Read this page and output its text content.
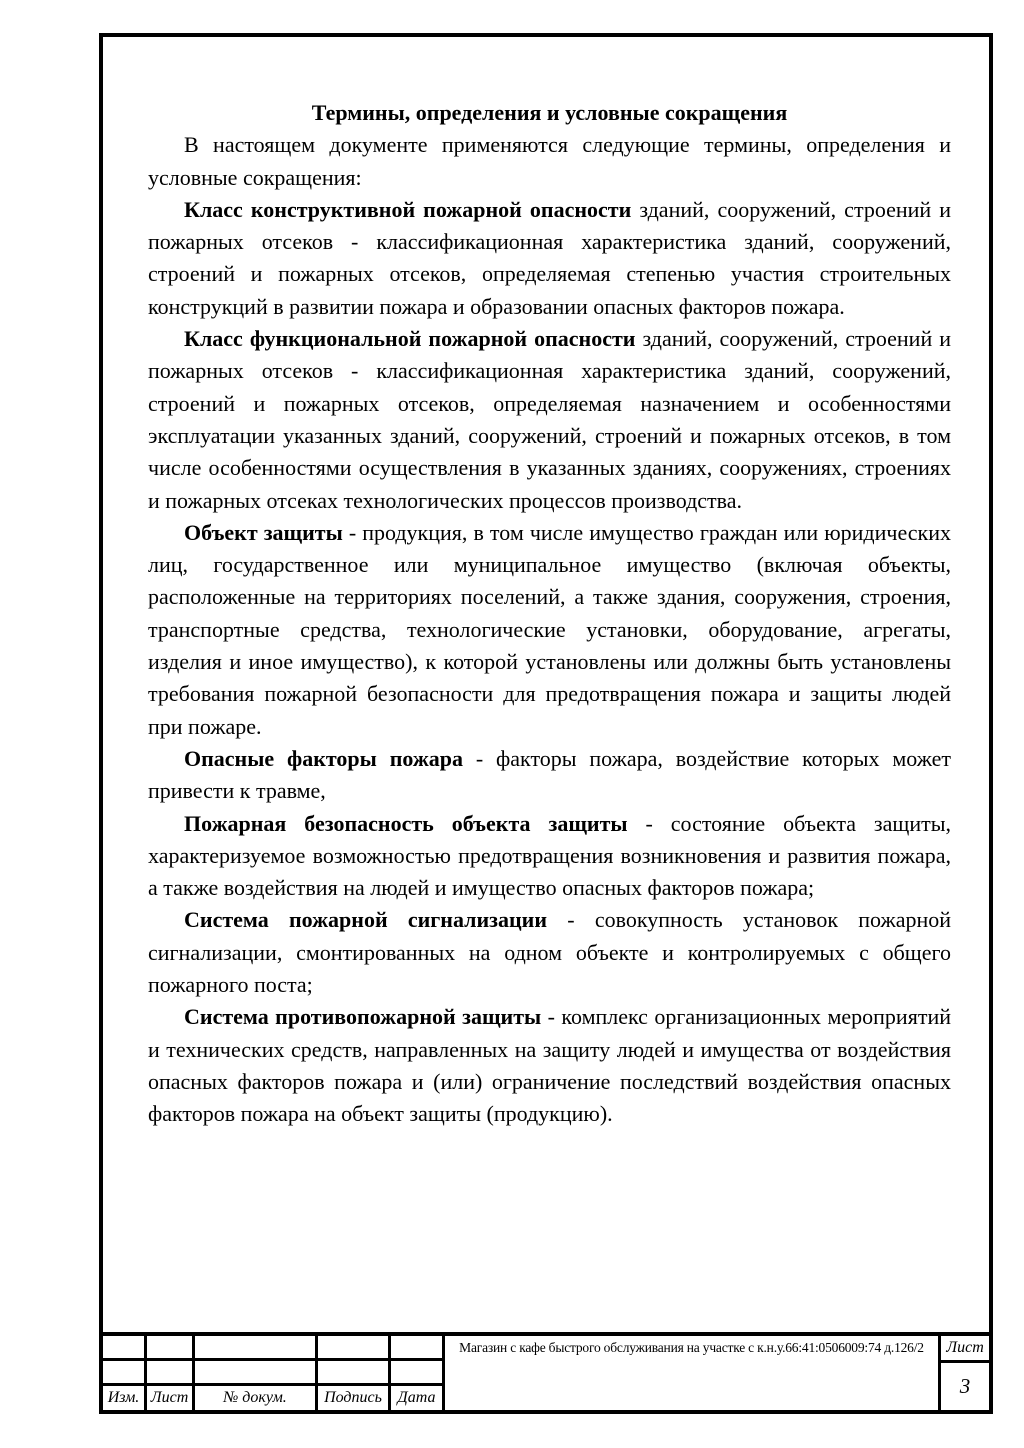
Термины, определения и условные сокращения

В настоящем документе применяются следующие термины, определения и условные сокращения:

Класс конструктивной пожарной опасности зданий, сооружений, строений и пожарных отсеков - классификационная характеристика зданий, сооружений, строений и пожарных отсеков, определяемая степенью участия строительных конструкций в развитии пожара и образовании опасных факторов пожара.

Класс функциональной пожарной опасности зданий, сооружений, строений и пожарных отсеков - классификационная характеристика зданий, сооружений, строений и пожарных отсеков, определяемая назначением и особенностями эксплуатации указанных зданий, сооружений, строений и пожарных отсеков, в том числе особенностями осуществления в указанных зданиях, сооружениях, строениях и пожарных отсеках технологических процессов производства.

Объект защиты - продукция, в том числе имущество граждан или юридических лиц, государственное или муниципальное имущество (включая объекты, расположенные на территориях поселений, а также здания, сооружения, строения, транспортные средства, технологические установки, оборудование, агрегаты, изделия и иное имущество), к которой установлены или должны быть установлены требования пожарной безопасности для предотвращения пожара и защиты людей при пожаре.

Опасные факторы пожара - факторы пожара, воздействие которых может привести к травме,

Пожарная безопасность объекта защиты - состояние объекта защиты, характеризуемое возможностью предотвращения возникновения и развития пожара, а также воздействия на людей и имущество опасных факторов пожара;

Система пожарной сигнализации - совокупность установок пожарной сигнализации, смонтированных на одном объекте и контролируемых с общего пожарного поста;

Система противопожарной защиты - комплекс организационных мероприятий и технических средств, направленных на защиту людей и имущества от воздействия опасных факторов пожара и (или) ограничение последствий воздействия опасных факторов пожара на объект защиты (продукцию).

Изм. Лист	№ докум.	Подпись Дата
Магазин с кафе быстрого обслуживания на участке с к.н.у.66:41:0506009:74 д.126/2	Лист
3
